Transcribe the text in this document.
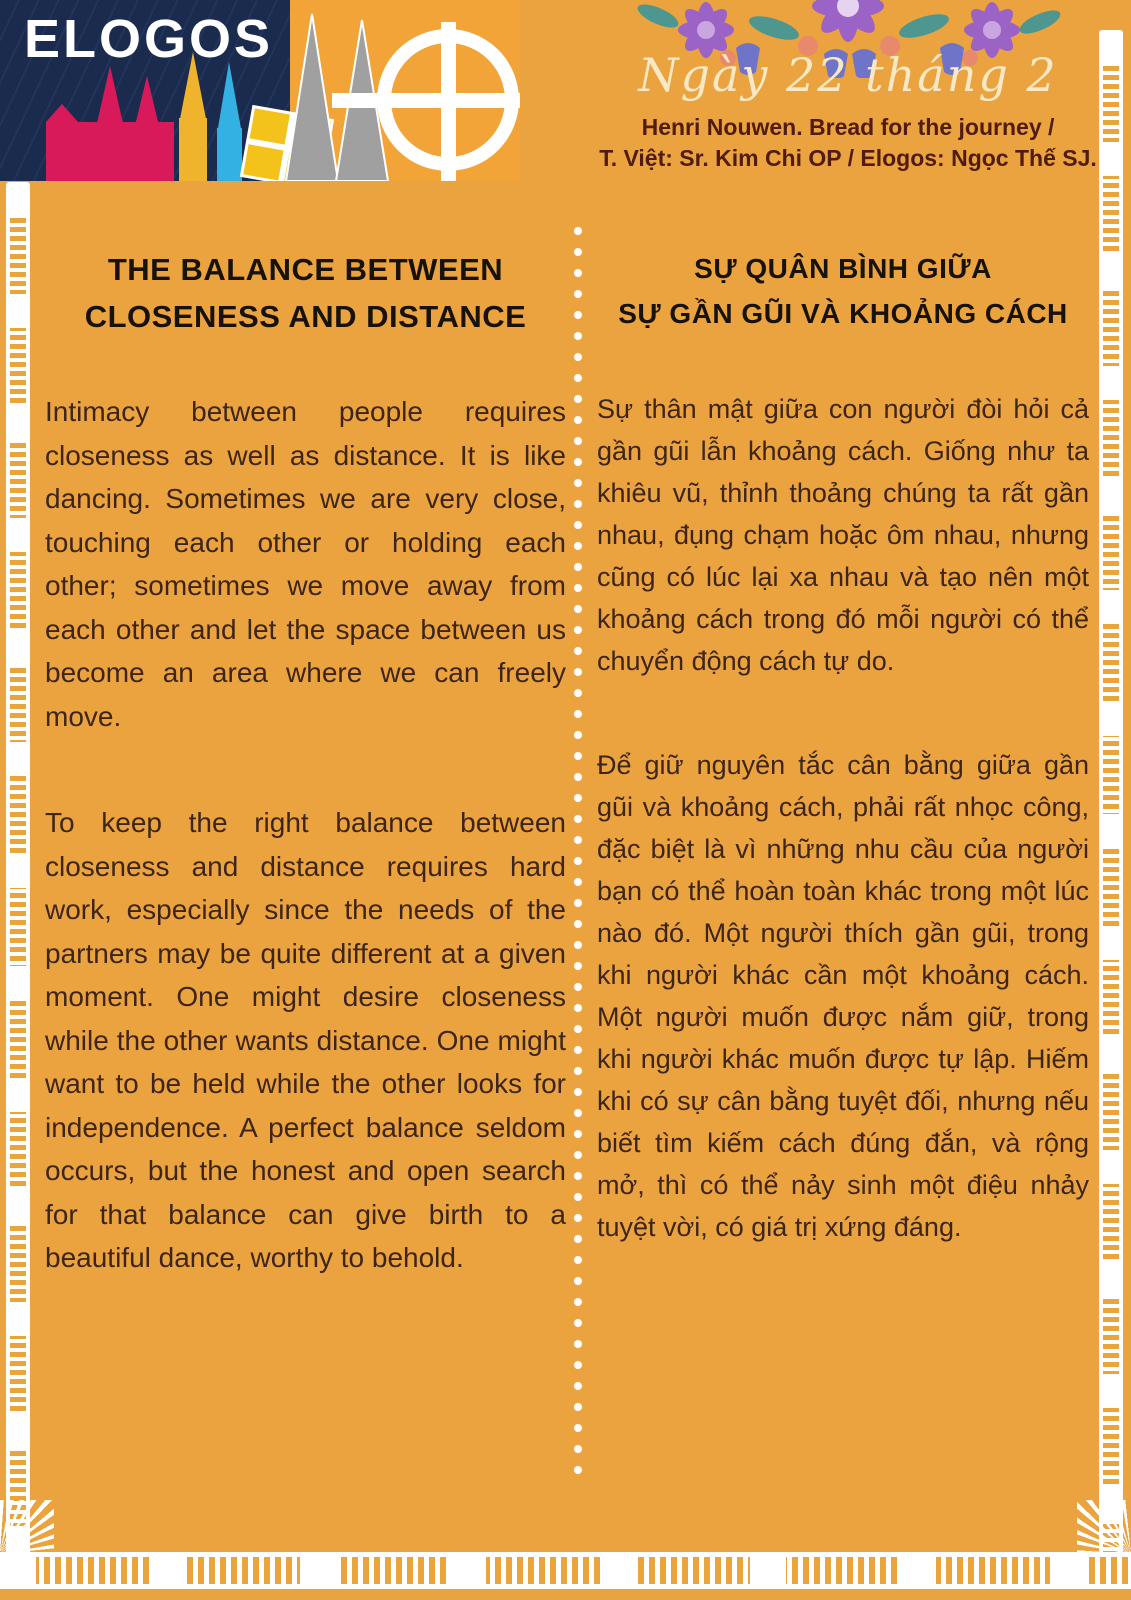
ELOGOS
Ngày 22 tháng 2
Henri Nouwen. Bread for the journey /
T. Việt: Sr. Kim Chi OP / Elogos: Ngọc Thế SJ.
THE BALANCE BETWEEN
CLOSENESS AND DISTANCE

Intimacy between people requires closeness as well as distance. It is like dancing. Sometimes we are very close, touching each other or holding each other; sometimes we move away from each other and let the space between us become an area where we can freely move.

To keep the right balance between closeness and distance requires hard work, especially since the needs of the partners may be quite different at a given moment. One might desire closeness while the other wants distance. One might want to be held while the other looks for independence. A perfect balance seldom occurs, but the honest and open search for that balance can give birth to a beautiful dance, worthy to behold.

SỰ QUÂN BÌNH GIỮA
SỰ GẦN GŨI VÀ KHOẢNG CÁCH

Sự thân mật giữa con người đòi hỏi cả gần gũi lẫn khoảng cách. Giống như ta khiêu vũ, thỉnh thoảng chúng ta rất gần nhau, đụng chạm hoặc ôm nhau, nhưng cũng có lúc lại xa nhau và tạo nên một khoảng cách trong đó mỗi người có thể chuyển động cách tự do.

Để giữ nguyên tắc cân bằng giữa gần gũi và khoảng cách, phải rất nhọc công, đặc biệt là vì những nhu cầu của người bạn có thể hoàn toàn khác trong một lúc nào đó. Một người thích gần gũi, trong khi người khác cần một khoảng cách. Một người muốn được nắm giữ, trong khi người khác muốn được tự lập. Hiếm khi có sự cân bằng tuyệt đối, nhưng nếu biết tìm kiếm cách đúng đắn, và rộng mở, thì có thể nảy sinh một điệu nhảy tuyệt vời, có giá trị xứng đáng.
